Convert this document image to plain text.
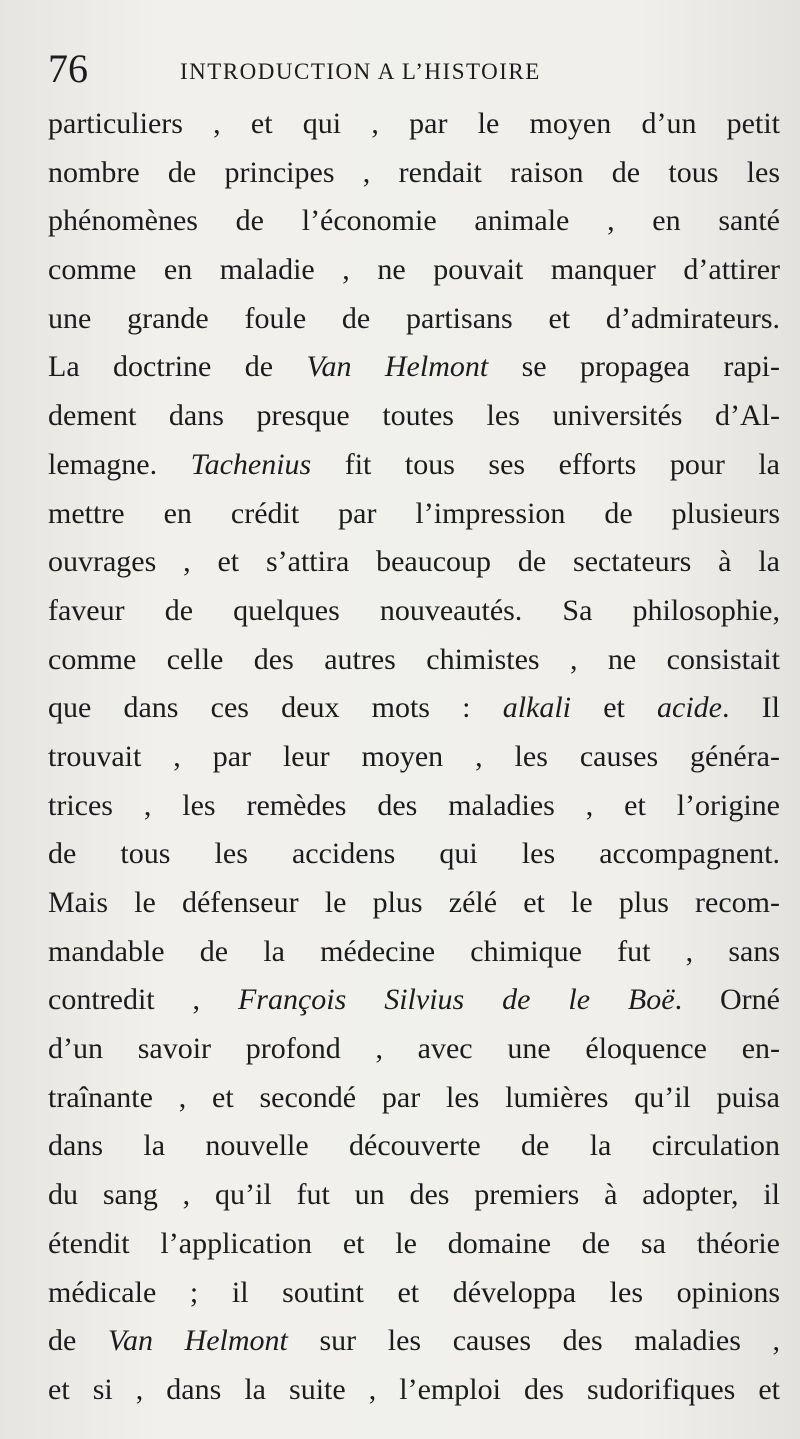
76	INTRODUCTION A L’HISTOIRE
particuliers , et qui , par le moyen d’un petit
nombre de principes , rendait raison de tous les
phénomènes de l’économie animale , en santé
comme en maladie , ne pouvait manquer d’attirer
une grande foule de partisans et d’admirateurs.
La doctrine de Van Helmont se propagea rapi-
dement dans presque toutes les universités d’Al-
lemagne. Tachenius fit tous ses efforts pour la
mettre en crédit par l’impression de plusieurs
ouvrages , et s’attira beaucoup de sectateurs à la
faveur de quelques nouveautés. Sa philosophie,
comme celle des autres chimistes , ne consistait
que dans ces deux mots : alkali et acide. Il
trouvait , par leur moyen , les causes généra-
trices , les remèdes des maladies , et l’origine
de tous les accidens qui les accompagnent.
Mais le défenseur le plus zélé et le plus recom-
mandable de la médecine chimique fut , sans
contredit , François Silvius de le Boë. Orné
d’un savoir profond , avec une éloquence en-
traînante , et secondé par les lumières qu’il puisa
dans la nouvelle découverte de la circulation
du sang , qu’il fut un des premiers à adopter, il
étendit l’application et le domaine de sa théorie
médicale ; il soutint et développa les opinions
de Van Helmont sur les causes des maladies ,
et si , dans la suite , l’emploi des sudorifiques et
